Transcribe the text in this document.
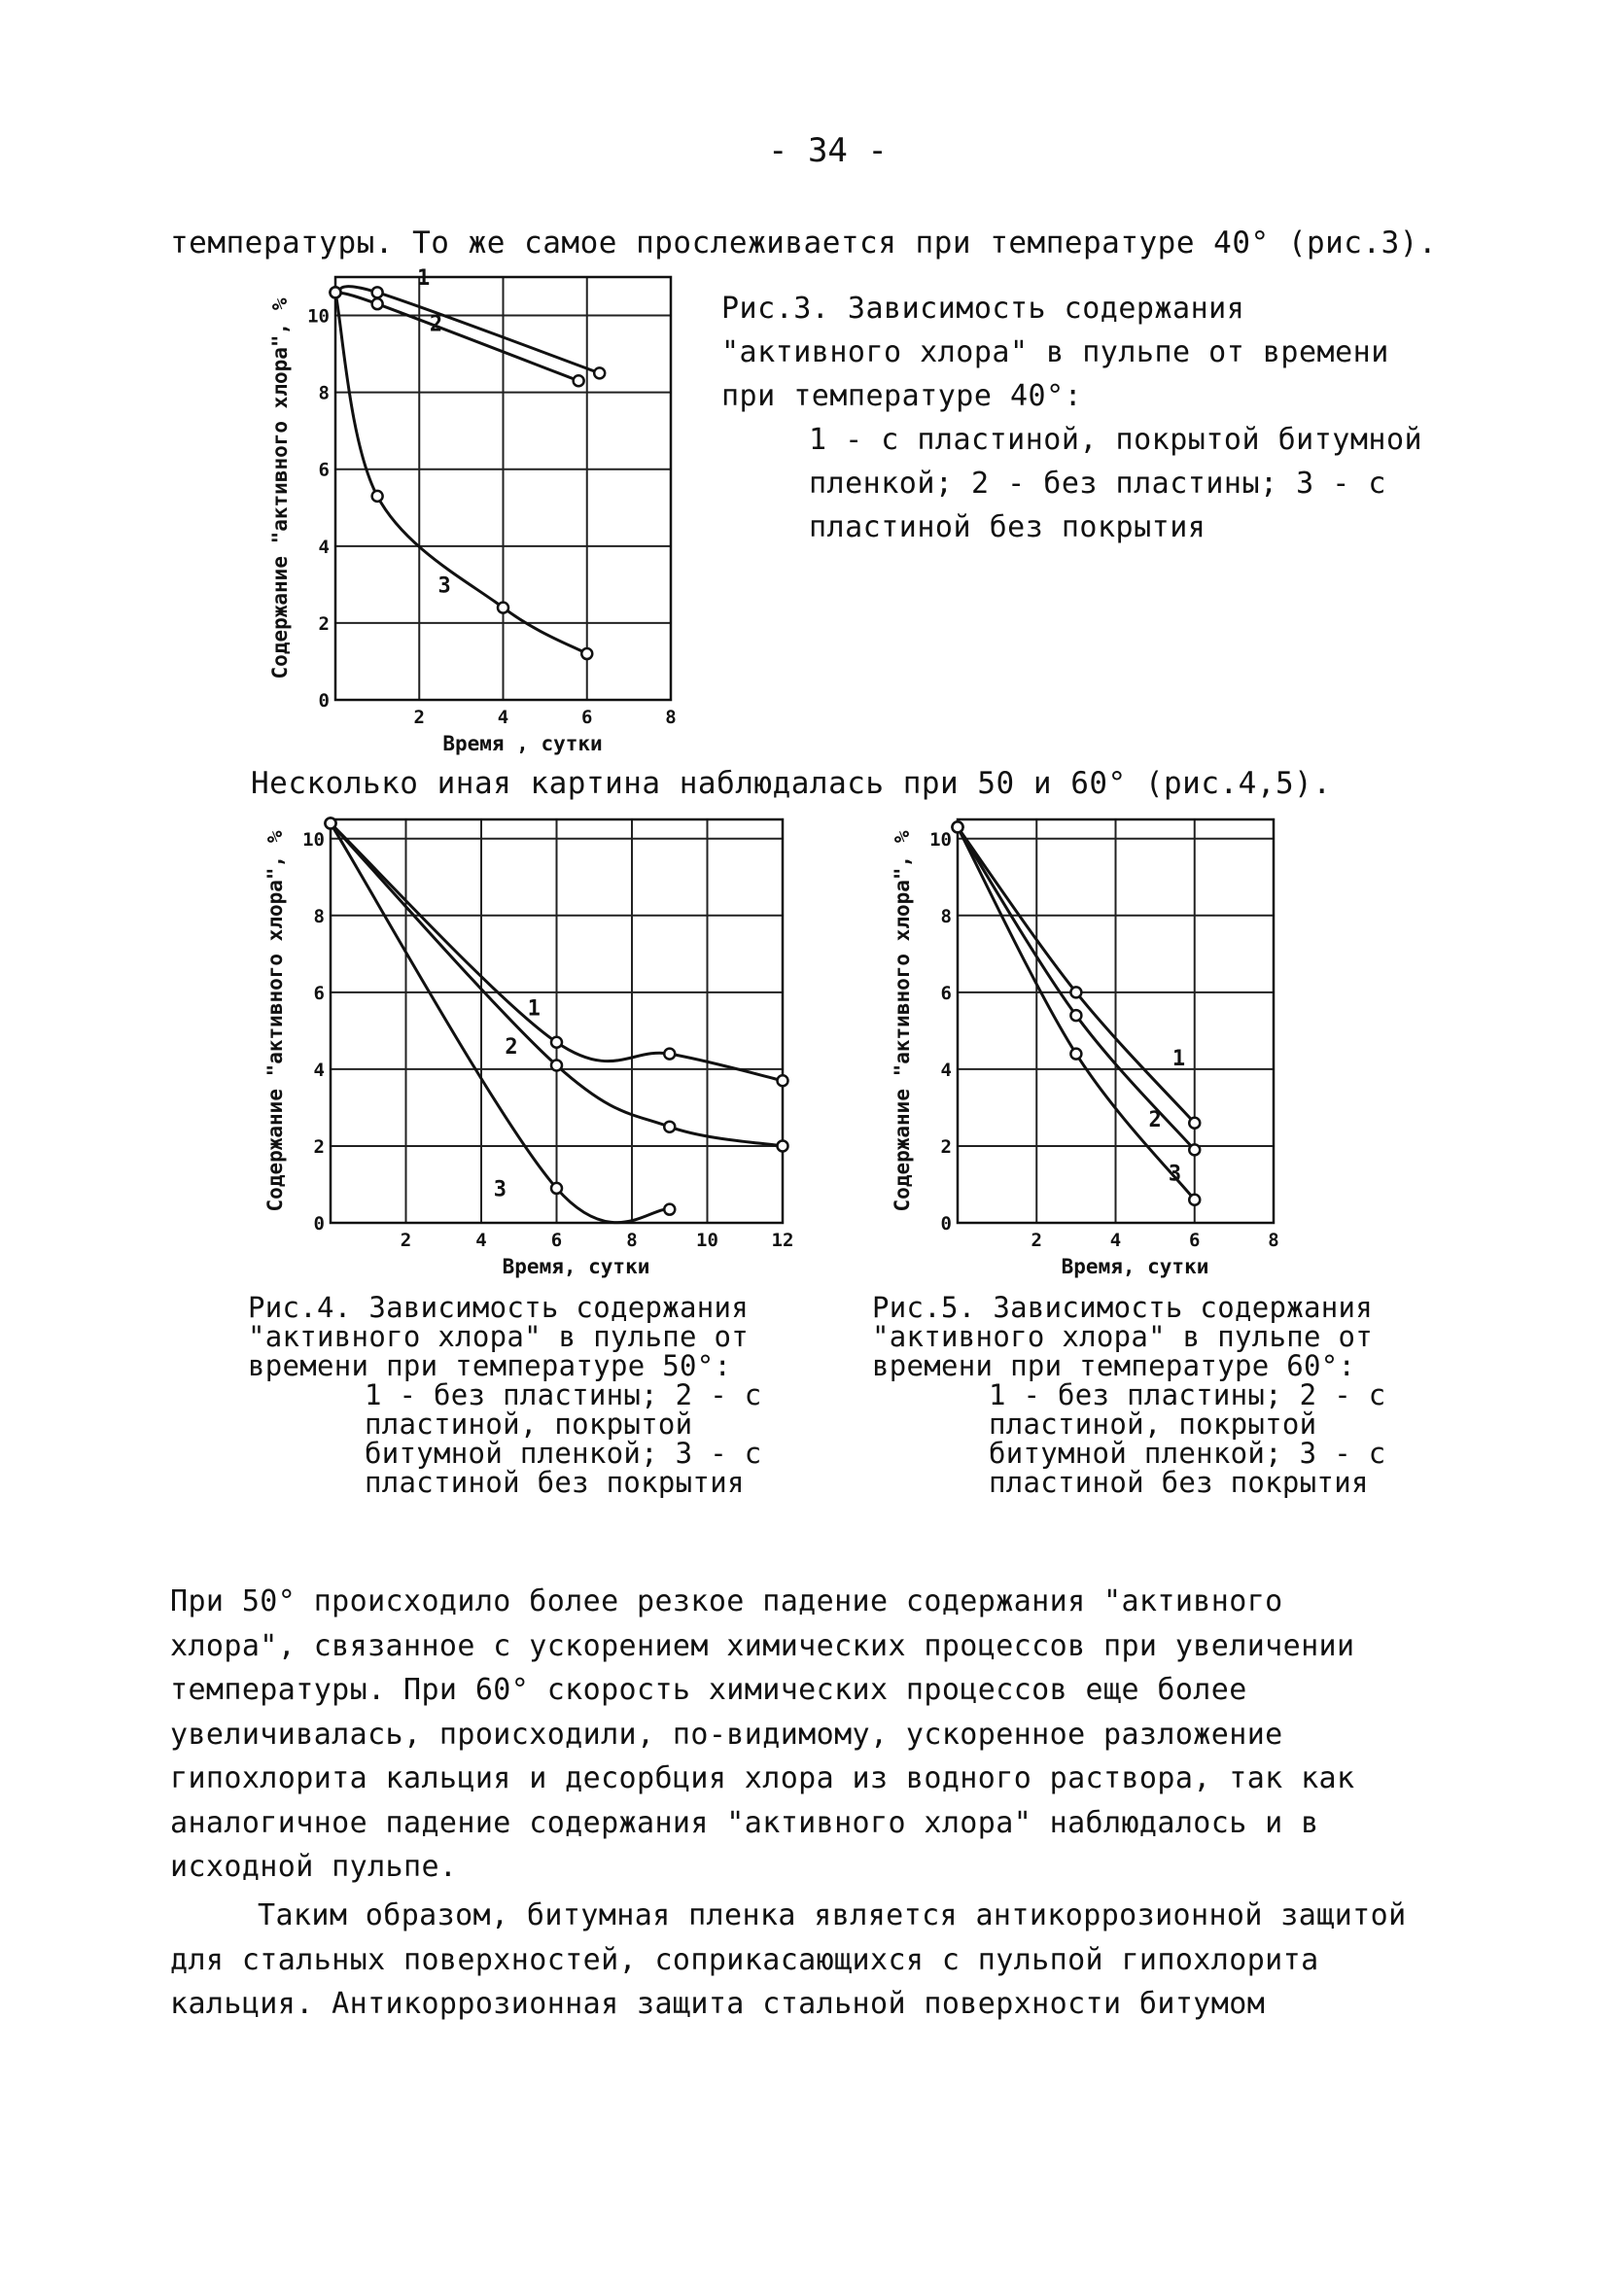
- 34 -
температуры. То же самое прослеживается при температуре 40° (рис.3).
2	4	6	8
0
2
4
6
8
10
Время , сутки
Содержание "активного хлора", %
1
2
3
Рис.3. Зависимость содержания "активного хлора" в пульпе от времени при температуре 40°:
1 - с пластиной, покрытой битумной пленкой; 2 - без пластины; 3 - с пластиной без покрытия
Несколько иная картина наблюдалась при 50 и 60° (рис.4,5).
2	4	6	8	10	12
0
2
4
6
8
10
Время, сутки
Содержание "активного хлора", %	1
2
3
2	4	6	8
0
2
4
6
8
10
Время, сутки
Содержание "активного хлора", %	1
2
3
Рис.4. Зависимость содержания "активного хлора" в пульпе от времени при температуре 50°:
1 - без пластины; 2 - с пластиной, покрытой битумной пленкой; 3 - с пластиной без покрытия
Рис.5. Зависимость содержания "активного хлора" в пульпе от времени при температуре 60°:
1 - без пластины; 2 - с пластиной, покрытой битумной пленкой; 3 - с пластиной без покрытия
При 50° происходило более резкое падение содержания "активного хлора", связанное с ускорением химических процессов при увеличении температуры. При 60° скорость химических процессов еще более увеличивалась, происходили, по-видимому, ускоренное разложение гипохлорита кальция и десорбция хлора из водного раствора, так как аналогичное падение содержания "активного хлора" наблюдалось и в исходной пульпе.
Таким образом, битумная пленка является антикоррозионной защитой для стальных поверхностей, соприкасающихся с пульпой гипохлорита кальция. Антикоррозионная защита стальной поверхности битумом
